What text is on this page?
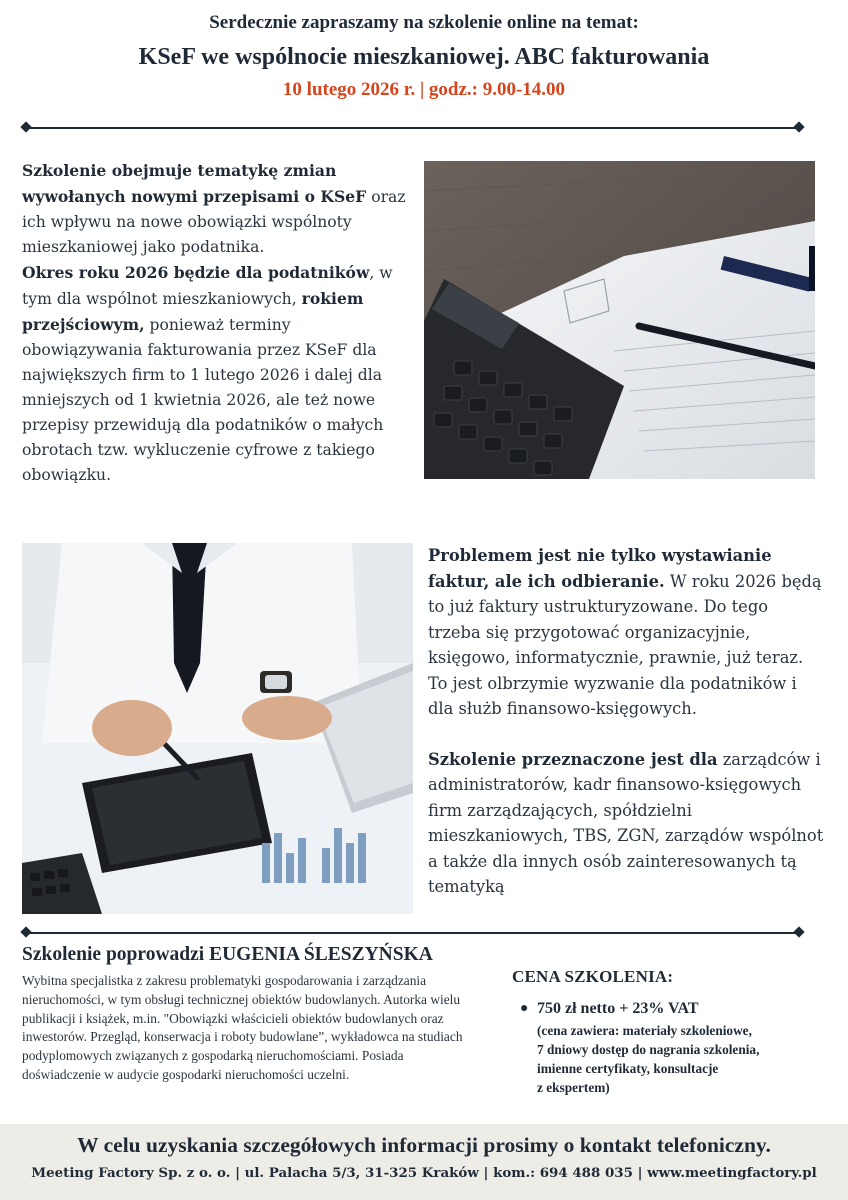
Serdecznie zapraszamy na szkolenie online na temat:
KSeF we wspólnocie mieszkaniowej. ABC fakturowania
10 lutego 2026 r. | godz.: 9.00-14.00

Szkolenie obejmuje tematykę zmian wywołanych nowymi przepisami o KSeF oraz ich wpływu na nowe obowiązki wspólnoty mieszkaniowej jako podatnika.

Okres roku 2026 będzie dla podatników, w tym dla wspólnot mieszkaniowych, rokiem przejściowym, ponieważ terminy obowiązywania fakturowania przez KSeF dla największych firm to 1 lutego 2026 i dalej dla mniejszych od 1 kwietnia 2026, ale też nowe przepisy przewidują dla podatników o małych obrotach tzw. wykluczenie cyfrowe z takiego obowiązku.

Problemem jest nie tylko wystawianie faktur, ale ich odbieranie. W roku 2026 będą to już faktury ustrukturyzowane. Do tego trzeba się przygotować organizacyjnie, księgowo, informatycznie, prawnie, już teraz. To jest olbrzymie wyzwanie dla podatników i dla służb finansowo-księgowych.

Szkolenie przeznaczone jest dla zarządców i administratorów, kadr finansowo-księgowych firm zarządzających, spółdzielni mieszkaniowych, TBS, ZGN, zarządów wspólnot a także dla innych osób zainteresowanych tą tematyką

Szkolenie poprowadzi EUGENIA ŚLESZYŃSKA
Wybitna specjalistka z zakresu problematyki gospodarowania i zarządzania nieruchomości, w tym obsługi technicznej obiektów budowlanych. Autorka wielu publikacji i książek, m.in. "Obowiązki właścicieli obiektów budowlanych oraz inwestorów. Przegląd, konserwacja i roboty budowlane”, wykładowca na studiach podyplomowych związanych z gospodarką nieruchomościami. Posiada doświadczenie w audycie gospodarki nieruchomości uczelni.
CENA SZKOLENIA:
● 750 zł netto + 23% VAT
(cena zawiera: materiały szkoleniowe,
7 dniowy dostęp do nagrania szkolenia,
imienne certyfikaty, konsultacje
z ekspertem)
W celu uzyskania szczegółowych informacji prosimy o kontakt telefoniczny.
Meeting Factory Sp. z o. o. | ul. Palacha 5/3, 31-325 Kraków | kom.: 694 488 035 | www.meetingfactory.pl
